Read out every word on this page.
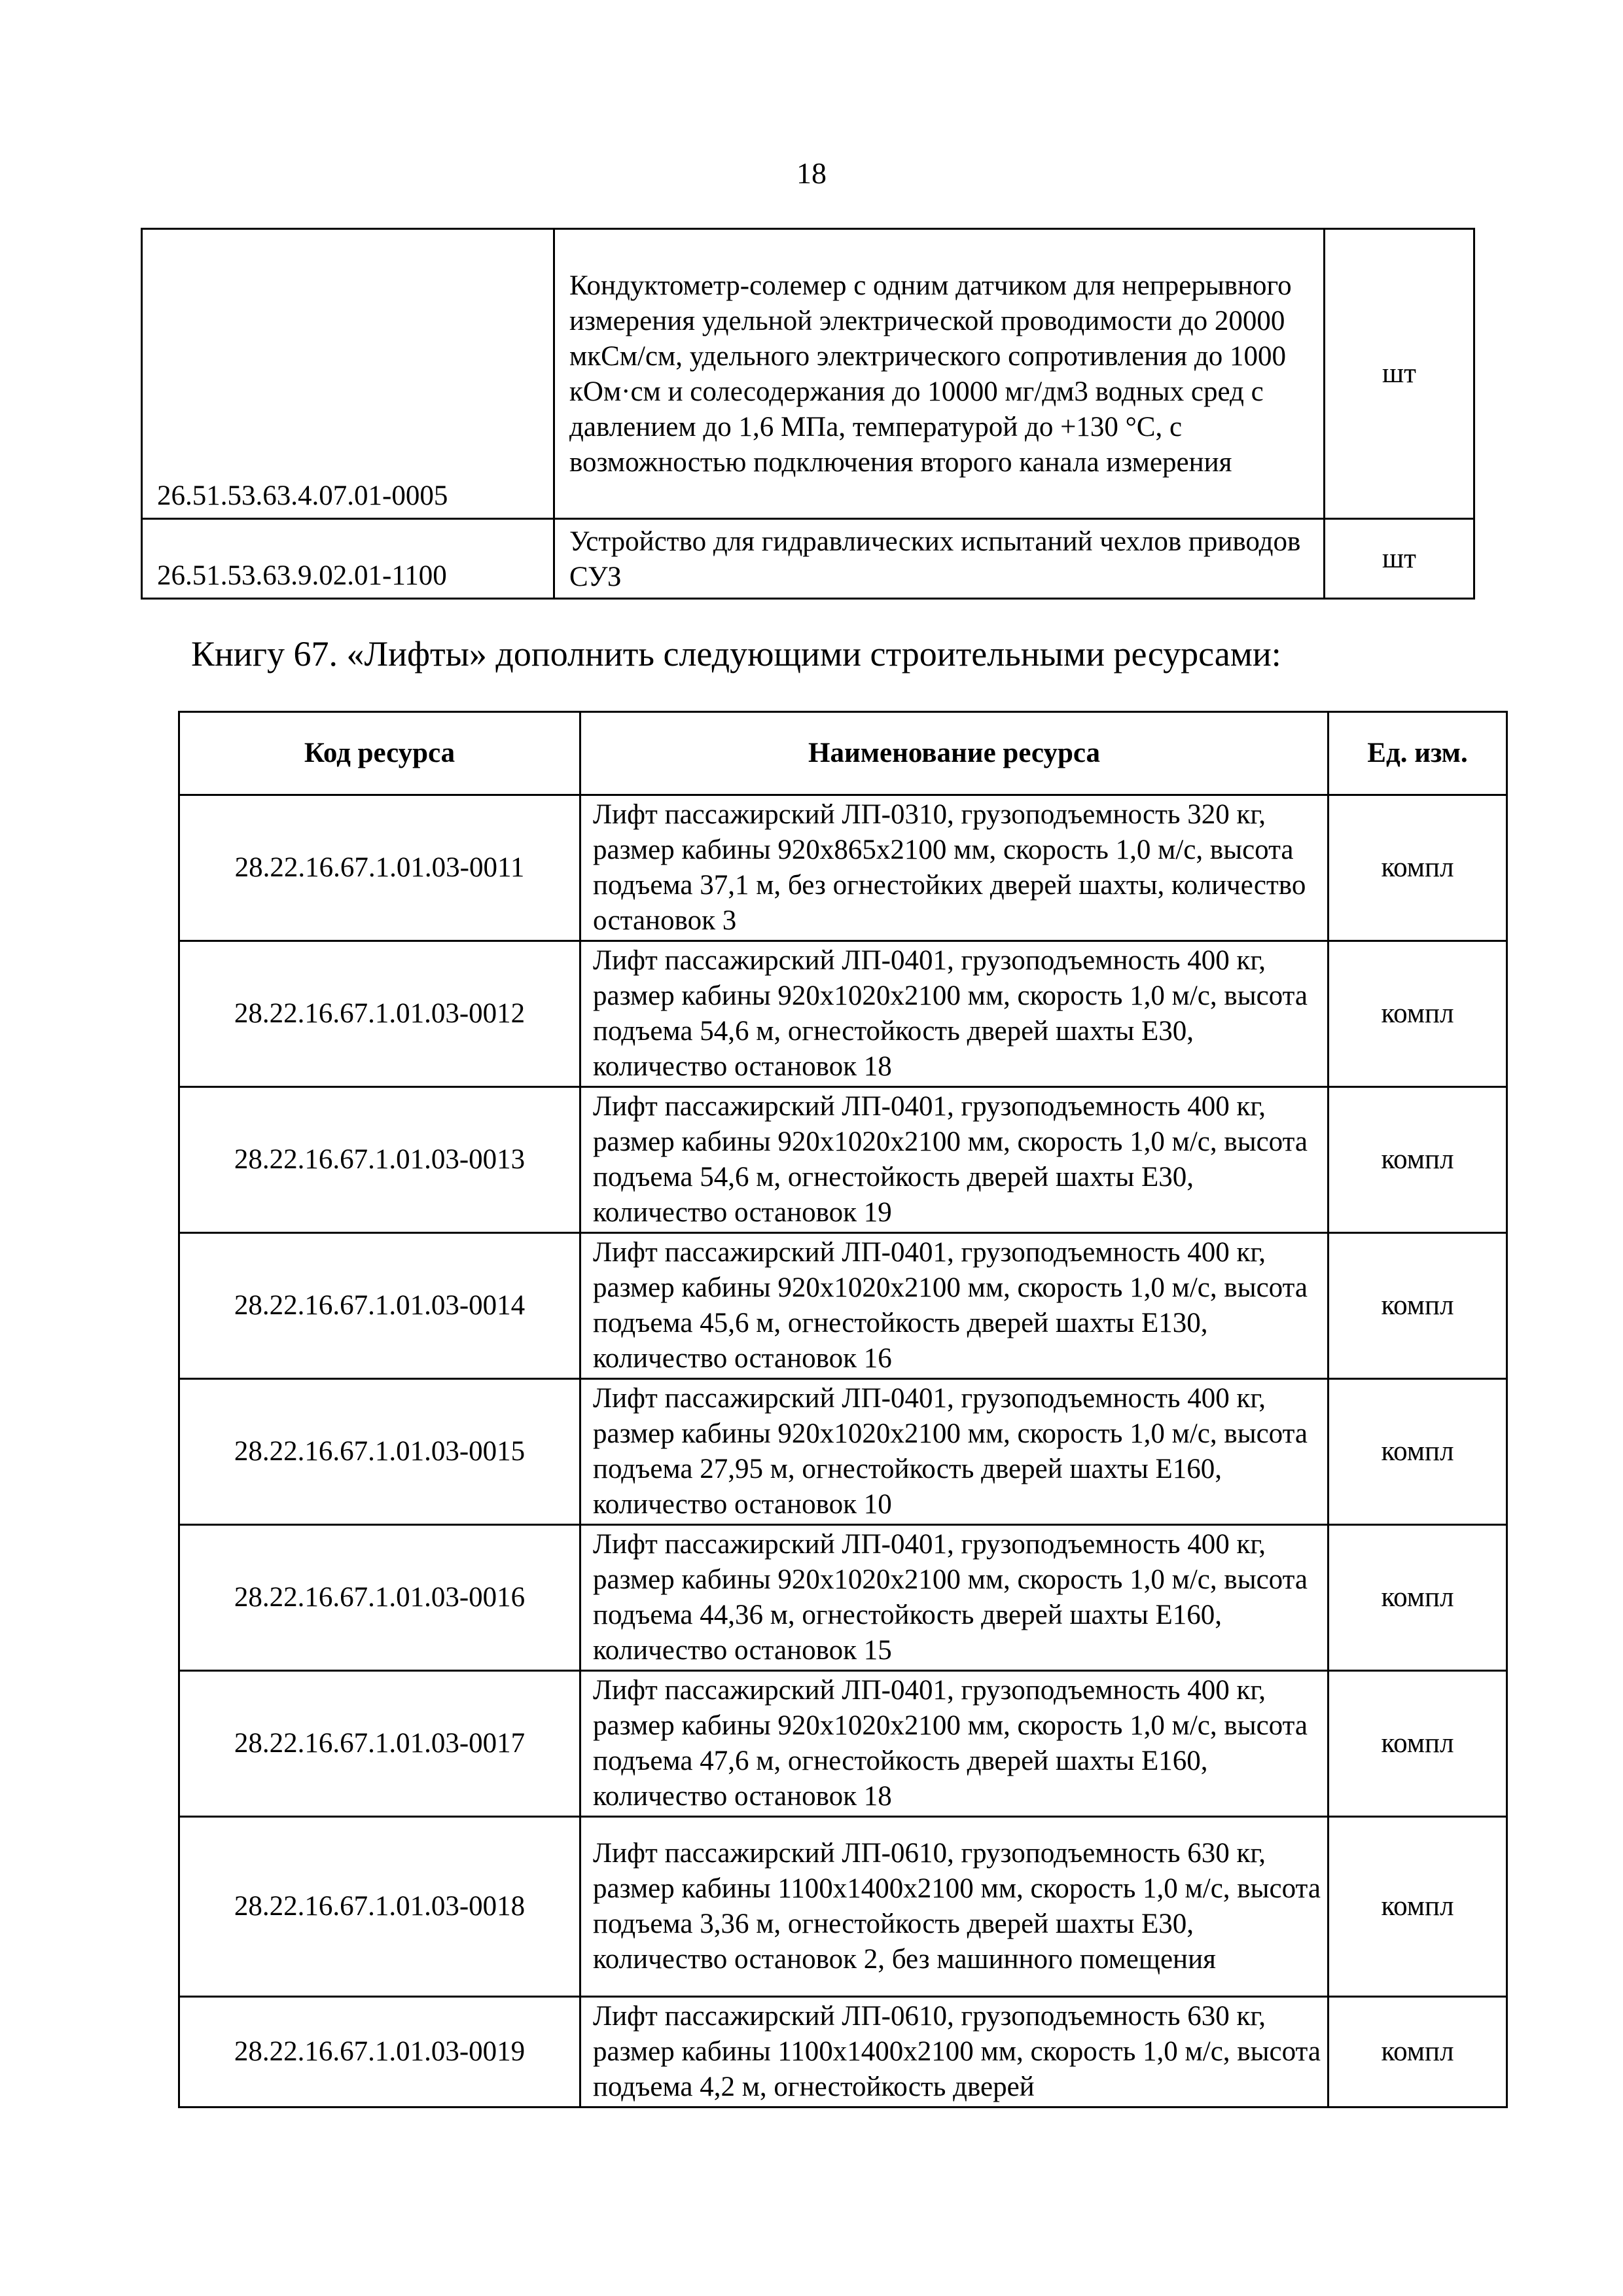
18
26.51.53.63.4.07.01-0005	Кондуктометр-солемер с одним датчиком для непрерывного измерения удельной электрической проводимости до 20000 мкСм/см, удельного электрического сопротивления до 1000 кОм·см и солесодержания до 10000 мг/дм3 водных сред с давлением до 1,6 МПа, температурой до +130 °С, с возможностью подключения второго канала измерения	шт
26.51.53.63.9.02.01-1100	Устройство для гидравлических испытаний чехлов приводов СУЗ	шт
Книгу 67. «Лифты» дополнить следующими строительными ресурсами:
Код ресурса	Наименование ресурса	Ед. изм.
28.22.16.67.1.01.03-0011	Лифт пассажирский ЛП-0310, грузоподъемность 320 кг, размер кабины 920x865x2100 мм, скорость 1,0 м/с, высота подъема 37,1 м, без огнестойких дверей шахты, количество остановок 3	компл
28.22.16.67.1.01.03-0012	Лифт пассажирский ЛП-0401, грузоподъемность 400 кг, размер кабины 920x1020x2100 мм, скорость 1,0 м/с, высота подъема 54,6 м, огнестойкость дверей шахты Е30, количество остановок 18	компл
28.22.16.67.1.01.03-0013	Лифт пассажирский ЛП-0401, грузоподъемность 400 кг, размер кабины 920x1020x2100 мм, скорость 1,0 м/с, высота подъема 54,6 м, огнестойкость дверей шахты Е30, количество остановок 19	компл
28.22.16.67.1.01.03-0014	Лифт пассажирский ЛП-0401, грузоподъемность 400 кг, размер кабины 920x1020x2100 мм, скорость 1,0 м/с, высота подъема 45,6 м, огнестойкость дверей шахты Е130, количество остановок 16	компл
28.22.16.67.1.01.03-0015	Лифт пассажирский ЛП-0401, грузоподъемность 400 кг, размер кабины 920x1020x2100 мм, скорость 1,0 м/с, высота подъема 27,95 м, огнестойкость дверей шахты Е160, количество остановок 10	компл
28.22.16.67.1.01.03-0016	Лифт пассажирский ЛП-0401, грузоподъемность 400 кг, размер кабины 920x1020x2100 мм, скорость 1,0 м/с, высота подъема 44,36 м, огнестойкость дверей шахты Е160, количество остановок 15	компл
28.22.16.67.1.01.03-0017	Лифт пассажирский ЛП-0401, грузоподъемность 400 кг, размер кабины 920x1020x2100 мм, скорость 1,0 м/с, высота подъема 47,6 м, огнестойкость дверей шахты Е160, количество остановок 18	компл
28.22.16.67.1.01.03-0018	Лифт пассажирский ЛП-0610, грузоподъемность 630 кг, размер кабины 1100x1400x2100 мм, скорость 1,0 м/с, высота подъема 3,36 м, огнестойкость дверей шахты Е30, количество остановок 2, без машинного помещения	компл
28.22.16.67.1.01.03-0019	Лифт пассажирский ЛП-0610, грузоподъемность 630 кг, размер кабины 1100x1400x2100 мм, скорость 1,0 м/с, высота подъема 4,2 м, огнестойкость дверей	компл
